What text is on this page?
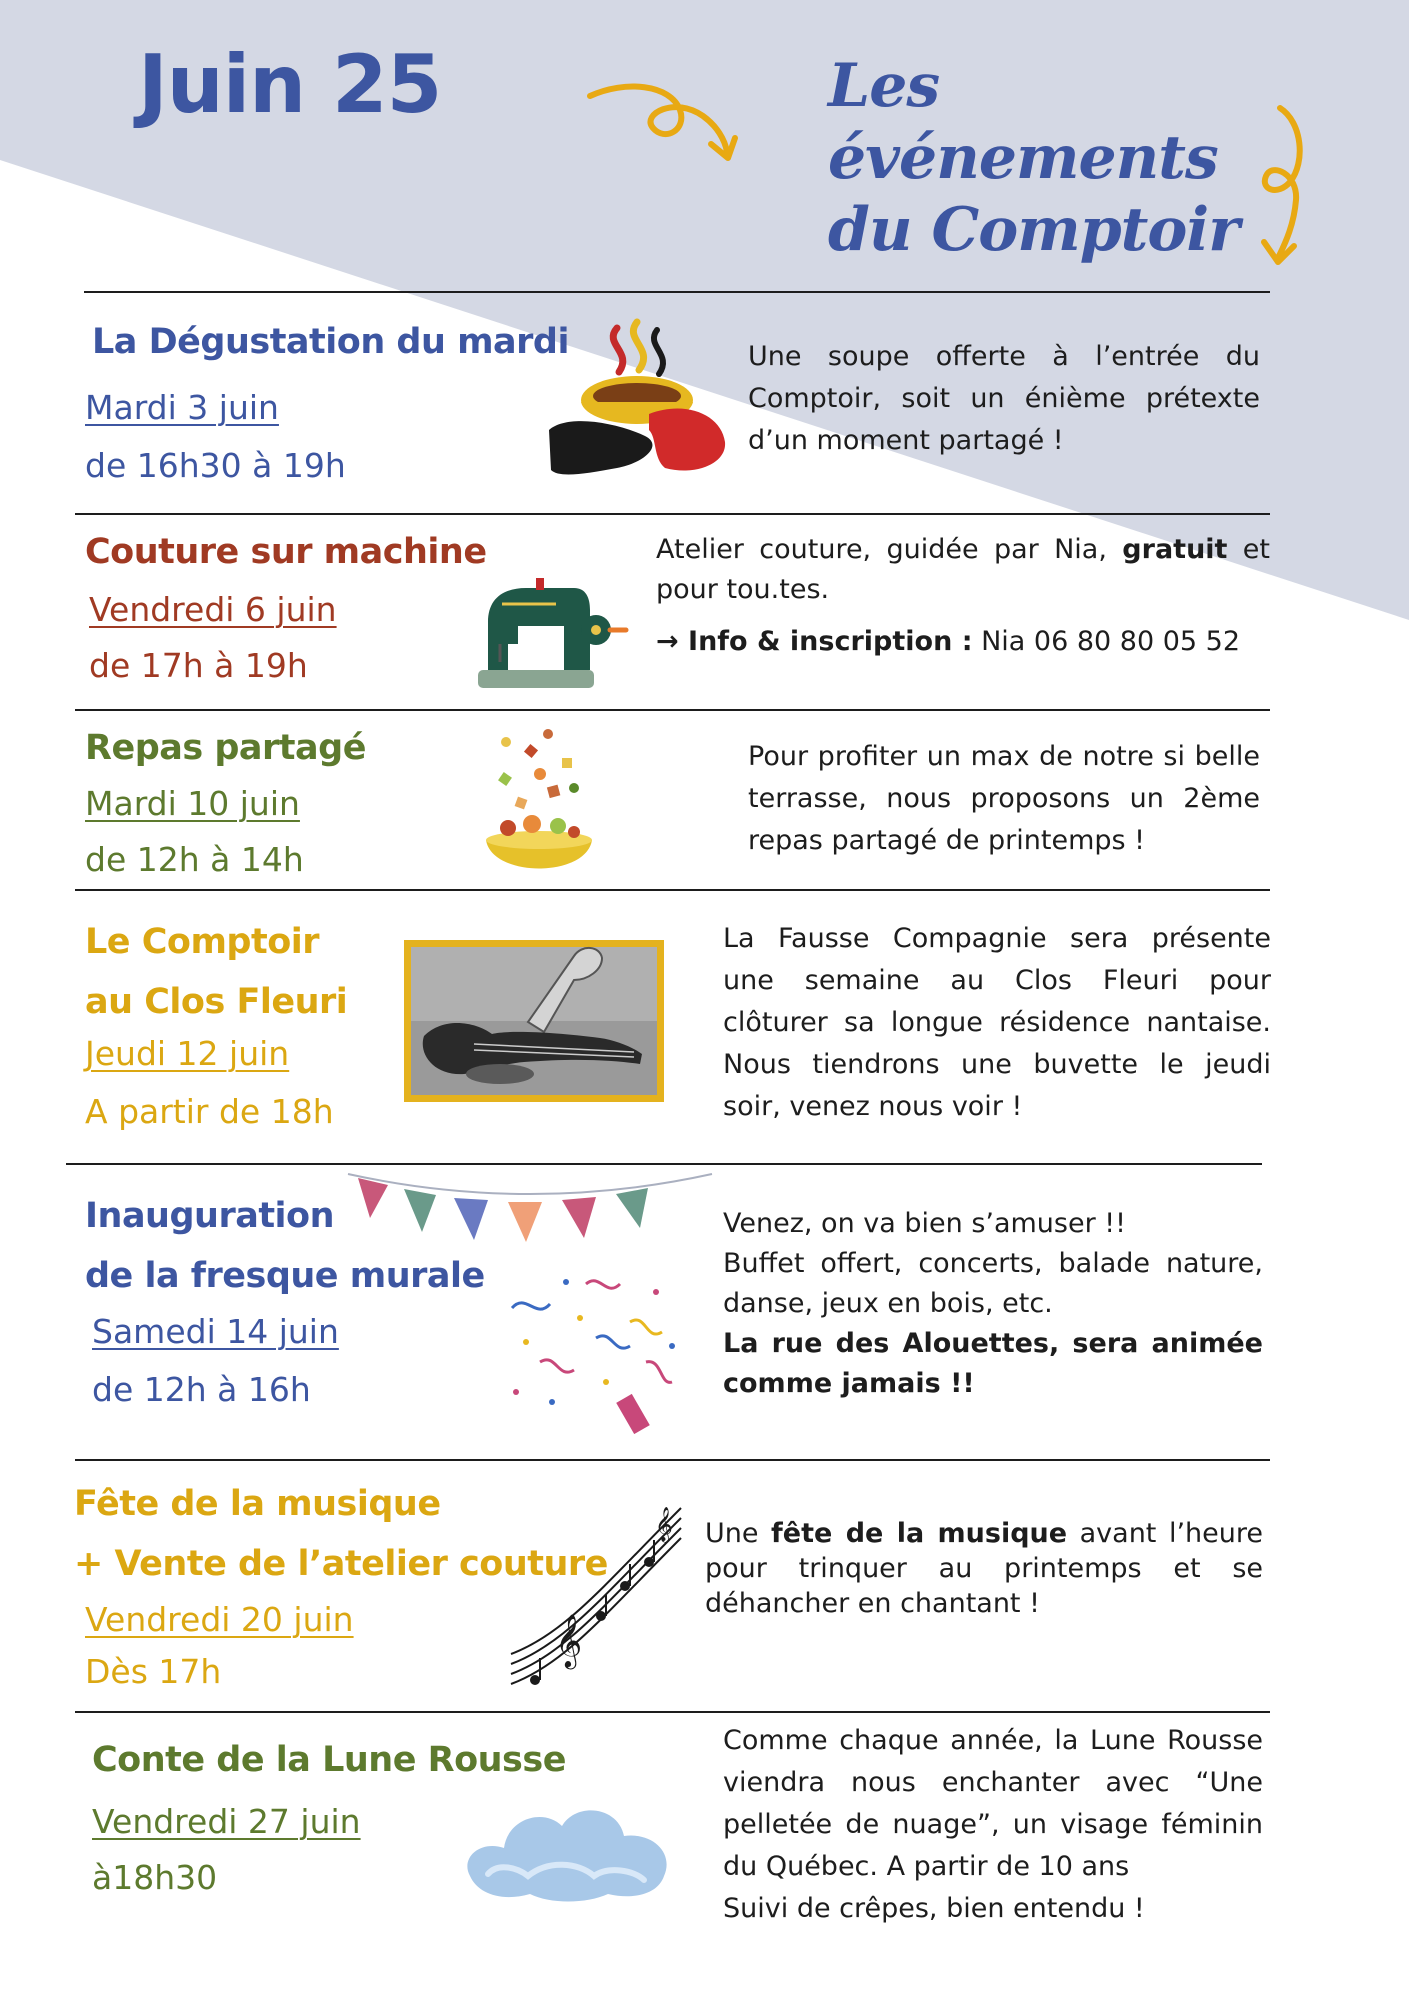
Juin 25	Les événements
du Comptoir
La Dégustation du mardi
Mardi 3 juin
de 16h30 à 19h
Une soupe offerte à l’entrée du Comptoir, soit un énième prétexte d’un moment partagé !
Couture sur machine
Vendredi 6 juin
de 17h à 19h

Atelier couture, guidée par Nia, gratuit et pour tou.tes.

→ Info & inscription : Nia 06 80 80 05 52

Repas partagé
Mardi 10 juin
de 12h à 14h
Pour profiter un max de notre si belle terrasse, nous proposons un 2ème repas partagé de printemps !
Le Comptoir
au Clos Fleuri
Jeudi 12 juin
A partir de 18h
La Fausse Compagnie sera présente une semaine au Clos Fleuri pour clôturer sa longue résidence nantaise. Nous tiendrons une buvette le jeudi soir, venez nous voir !
Inauguration
de la fresque murale
Samedi 14 juin
de 12h à 16h

Venez, on va bien s’amuser !!

Buffet offert, concerts, balade nature, danse, jeux en bois, etc.

La rue des Alouettes, sera animée comme jamais !!

Fête de la musique
+ Vente de l’atelier couture
Vendredi 20 juin
Dès 17h
𝄞
𝄞 Une fête de la musique avant l’heure pour trinquer au printemps et se déhancher en chantant !

Conte de la Lune Rousse
Vendredi 27 juin
à18h30

Comme chaque année, la Lune Rousse viendra nous enchanter avec “Une pelletée de nuage”, un visage féminin du Québec. A partir de 10 ans

Suivi de crêpes, bien entendu !
